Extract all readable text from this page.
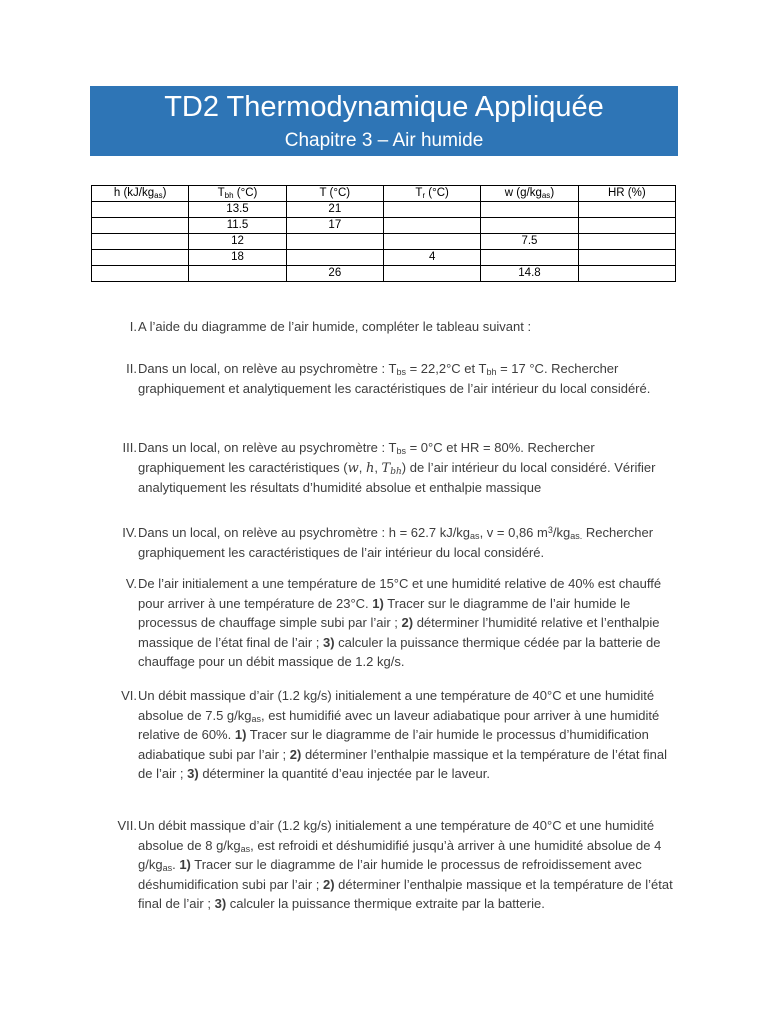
TD2 Thermodynamique Appliquée
Chapitre 3 – Air humide
h $(kJ/kg_{as})$	$T_{bh}$ (°C)	T (°C)	$T_r$ (°C)	w $(g/kg_{as})$	HR (%)
	13.5	21			
	11.5	17			
	12			7.5	
	18		4		
		26		14.8	
I. A l’aide du diagramme de l’air humide, compléter le tableau suivant :
II. Dans un local, on relève au psychromètre : $T_{bs} = 22,2^\circ C$ et $T_{bh} = 17$ °C. Rechercher graphiquement et analytiquement les caractéristiques de l’air intérieur du local considéré.
III. Dans un local, on relève au psychromètre : $T_{bs} = 0^\circ C$ et HR = 80%. Rechercher graphiquement les caractéristiques (w, h, $T_{bh}$) de l’air intérieur du local considéré. Vérifier analytiquement les résultats d’humidité absolue et enthalpie massique
IV. Dans un local, on relève au psychromètre : h = 62.7 $kJ/kg_{as}$, v = 0,86 $m^3/kg_{as.}$ Rechercher graphiquement les caractéristiques de l’air intérieur du local considéré.
V. De l’air initialement a une température de 15°C et une humidité relative de 40% est chauffé pour arriver à une température de 23°C. 1) Tracer sur le diagramme de l’air humide le processus de chauffage simple subi par l’air ; 2) déterminer l’humidité relative et l’enthalpie massique de l’état final de l’air ; 3) calculer la puissance thermique cédée par la batterie de chauffage pour un débit massique de 1.2 kg/s.
VI. Un débit massique d’air (1.2 kg/s) initialement a une température de 40°C et une humidité absolue de 7.5 $g/kg_{as}$, est humidifié avec un laveur adiabatique pour arriver à une humidité relative de 60%. 1) Tracer sur le diagramme de l’air humide le processus d’humidification adiabatique subi par l’air ; 2) déterminer l’enthalpie massique et la température de l’état final de l’air ; 3) déterminer la quantité d’eau injectée par le laveur.
VII. Un débit massique d’air (1.2 kg/s) initialement a une température de 40°C et une humidité absolue de 8 $g/kg_{as}$, est refroidi et déshumidifié jusqu’à arriver à une humidité absolue de 4 $g/kg_{as}$. 1) Tracer sur le diagramme de l’air humide le processus de refroidissement avec déshumidification subi par l’air ; 2) déterminer l’enthalpie massique et la température de l’état final de l’air ; 3) calculer la puissance thermique extraite par la batterie.
